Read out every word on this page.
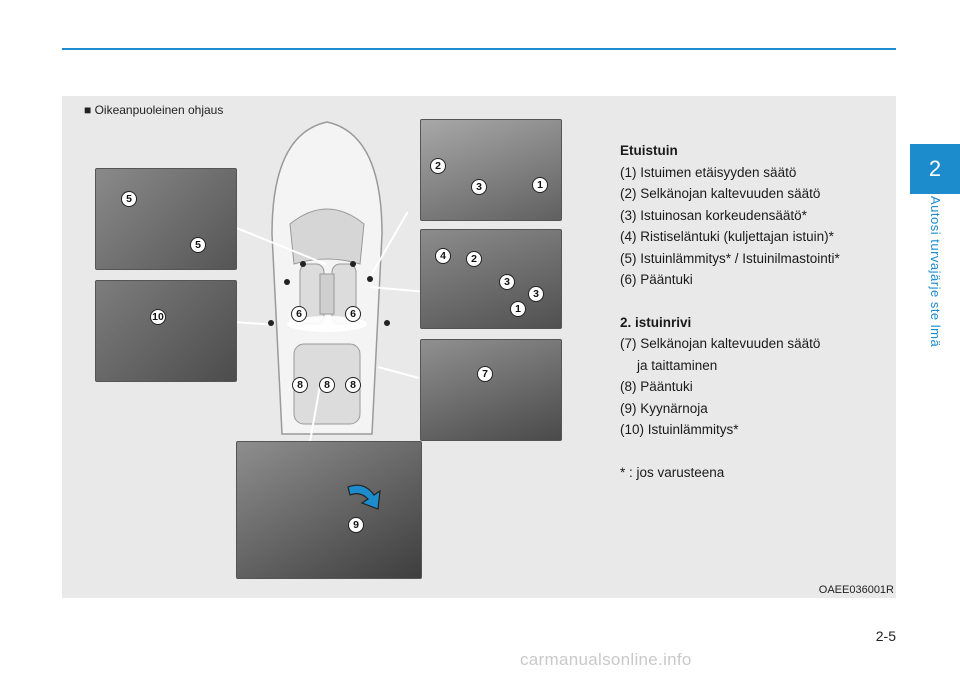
5
5
10
2
3	1
4	2
3
3
1
7
6	6
8	8	8
9
■ Oikeanpuoleinen ohjaus
OAEE036001R
Etuistuin
(1) Istuimen etäisyyden säätö
(2) Selkänojan kaltevuuden säätö
(3) Istuinosan korkeudensäätö*
(4) Ristiseläntuki (kuljettajan istuin)*
(5) Istuinlämmitys* / Istuinilmastointi*
(6) Pääntuki
2. istuinrivi
(7) Selkänojan kaltevuuden säätö
ja taittaminen
(8) Pääntuki
(9) Kyynärnoja
(10) Istuinlämmitys*
* : jos varusteena
2
Autosi turvajärje ste lmä
2-5
carmanualsonline.info
